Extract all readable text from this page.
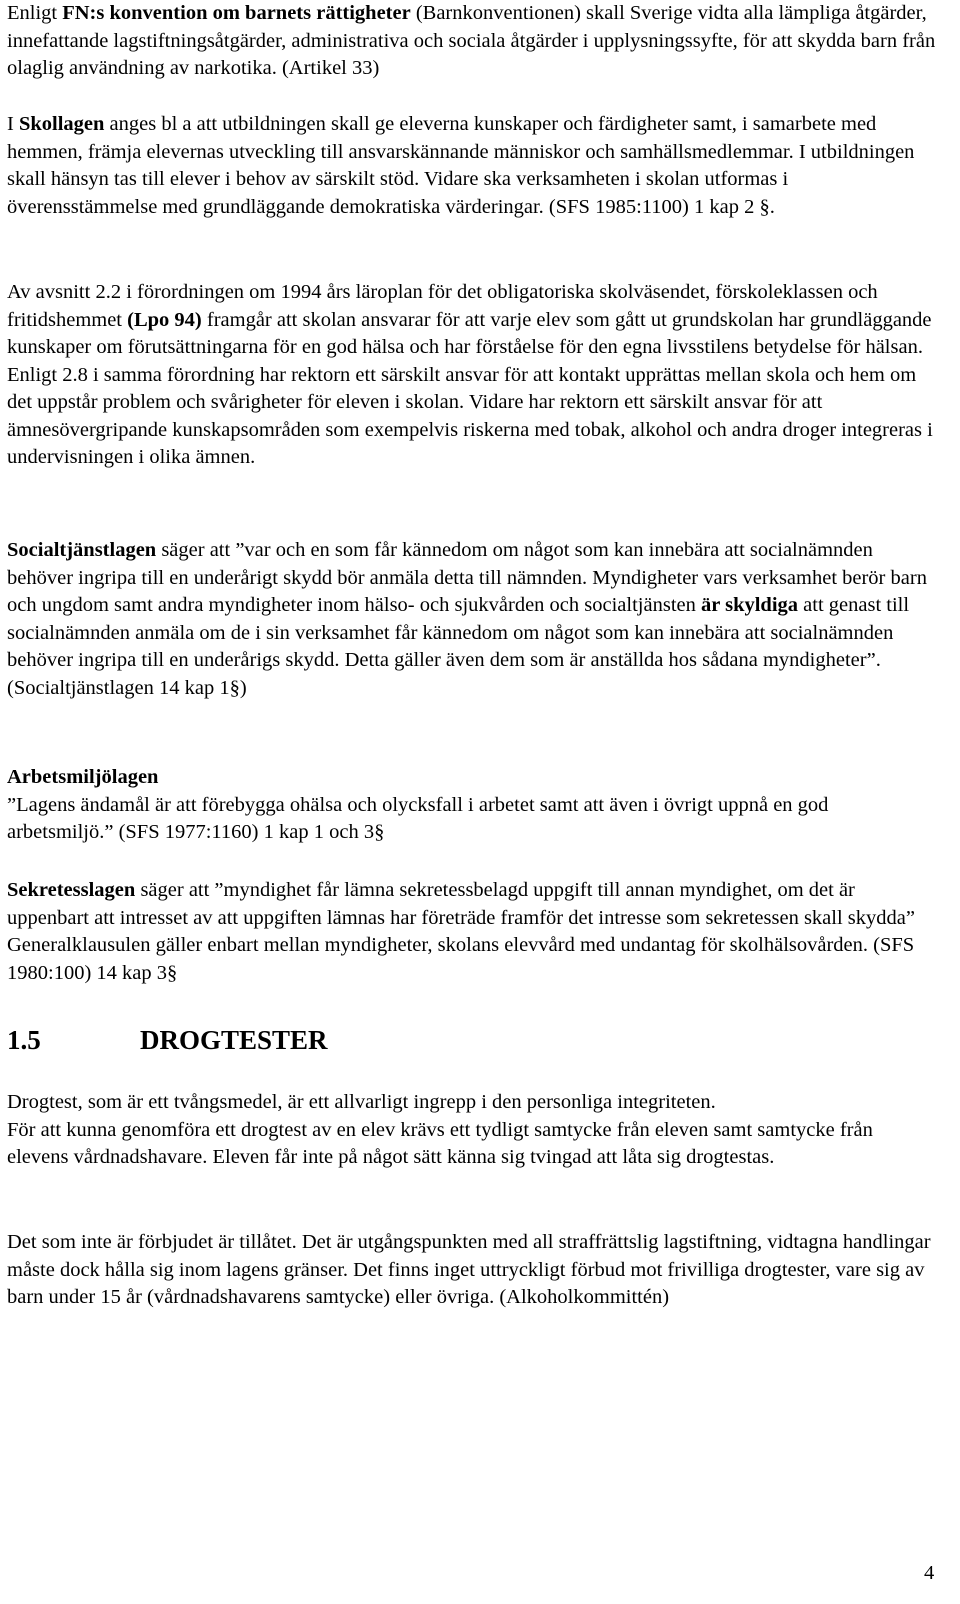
Enligt FN:s konvention om barnets rättigheter (Barnkonventionen) skall Sverige vidta alla lämpliga åtgärder, innefattande lagstiftningsåtgärder, administrativa och sociala åtgärder i upplysningssyfte, för att skydda barn från olaglig användning av narkotika. (Artikel 33)

I Skollagen anges bl a att utbildningen skall ge eleverna kunskaper och färdigheter samt, i samarbete med hemmen, främja elevernas utveckling till ansvarskännande människor och samhällsmedlemmar. I utbildningen skall hänsyn tas till elever i behov av särskilt stöd. Vidare ska verksamheten i skolan utformas i överensstämmelse med grundläggande demokratiska värderingar. (SFS 1985:1100) 1 kap 2 §.

Av avsnitt 2.2 i förordningen om 1994 års läroplan för det obligatoriska skolväsendet, förskoleklassen och fritidshemmet (Lpo 94) framgår att skolan ansvarar för att varje elev som gått ut grundskolan har grundläggande kunskaper om förutsättningarna för en god hälsa och har förståelse för den egna livsstilens betydelse för hälsan. Enligt 2.8 i samma förordning har rektorn ett särskilt ansvar för att kontakt upprättas mellan skola och hem om det uppstår problem och svårigheter för eleven i skolan. Vidare har rektorn ett särskilt ansvar för att ämnesövergripande kunskapsområden som exempelvis riskerna med tobak, alkohol och andra droger integreras i undervisningen i olika ämnen.

Socialtjänstlagen säger att ”var och en som får kännedom om något som kan innebära att socialnämnden behöver ingripa till en underårigt skydd bör anmäla detta till nämnden. Myndigheter vars verksamhet berör barn och ungdom samt andra myndigheter inom hälso- och sjukvården och socialtjänsten är skyldiga att genast till socialnämnden anmäla om de i sin verksamhet får kännedom om något som kan innebära att socialnämnden behöver ingripa till en underårigs skydd. Detta gäller även dem som är anställda hos sådana myndigheter”. (Socialtjänstlagen 14 kap 1§)

Arbetsmiljölagen
”Lagens ändamål är att förebygga ohälsa och olycksfall i arbetet samt att även i övrigt uppnå en god arbetsmiljö.” (SFS 1977:1160) 1 kap 1 och 3§

Sekretesslagen säger att ”myndighet får lämna sekretessbelagd uppgift till annan myndighet, om det är uppenbart att intresset av att uppgiften lämnas har företräde framför det intresse som sekretessen skall skydda” Generalklausulen gäller enbart mellan myndigheter, skolans elevvård med undantag för skolhälsovården. (SFS 1980:100) 14 kap 3§

1.5	DROGTESTER

Drogtest, som är ett tvångsmedel, är ett allvarligt ingrepp i den personliga integriteten.
För att kunna genomföra ett drogtest av en elev krävs ett tydligt samtycke från eleven samt samtycke från elevens vårdnadshavare. Eleven får inte på något sätt känna sig tvingad att låta sig drogtestas.

Det som inte är förbjudet är tillåtet. Det är utgångspunkten med all straffrättslig lagstiftning, vidtagna handlingar måste dock hålla sig inom lagens gränser. Det finns inget uttryckligt förbud mot frivilliga drogtester, vare sig av barn under 15 år (vårdnadshavarens samtycke) eller övriga. (Alkoholkommittén)

4
